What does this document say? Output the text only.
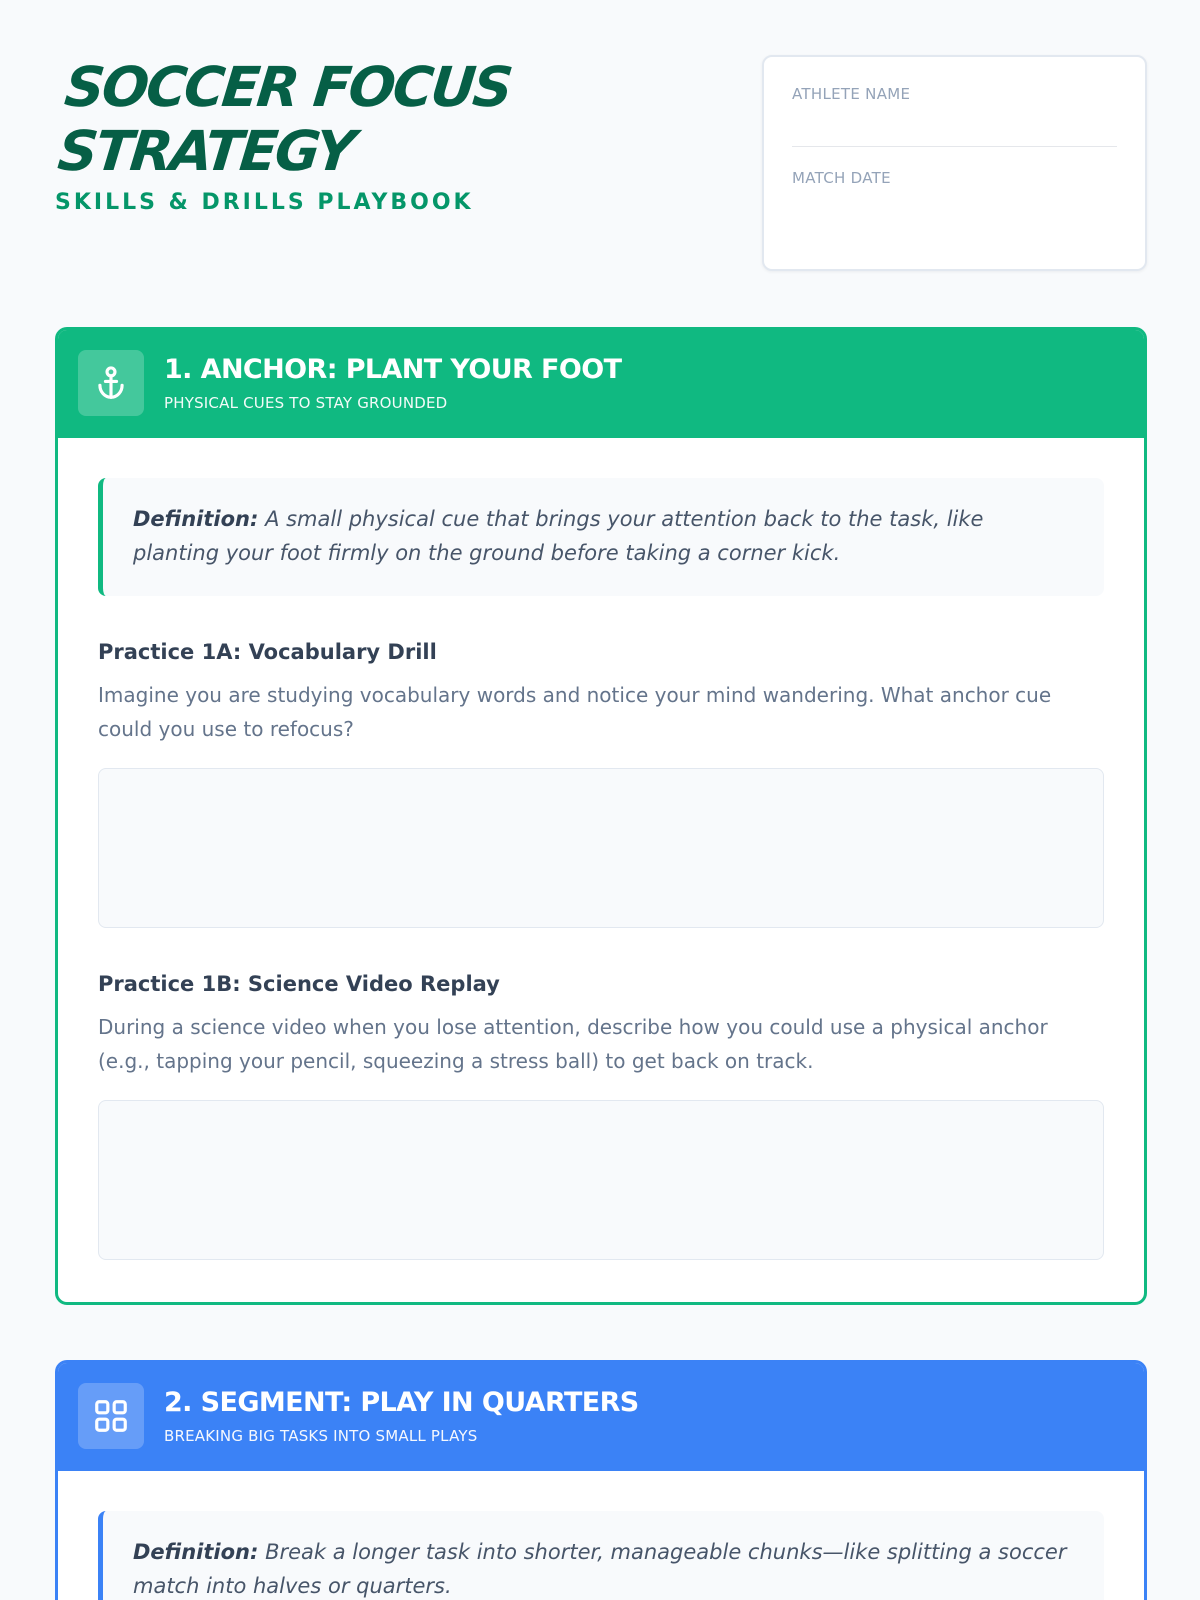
SOCCER FOCUS STRATEGY
SKILLS & DRILLS PLAYBOOK
ATHLETE NAME
MATCH DATE
1. ANCHOR: PLANT YOUR FOOT
PHYSICAL CUES TO STAY GROUNDED
Definition: A small physical cue that brings your attention back to the task, like planting your foot firmly on the ground before taking a corner kick.
Practice 1A: Vocabulary Drill
Imagine you are studying vocabulary words and notice your mind wandering. What anchor cue could you use to refocus?
Practice 1B: Science Video Replay
During a science video when you lose attention, describe how you could use a physical anchor (e.g., tapping your pencil, squeezing a stress ball) to get back on track.
2. SEGMENT: PLAY IN QUARTERS
BREAKING BIG TASKS INTO SMALL PLAYS
Definition: Break a longer task into shorter, manageable chunks—like splitting a soccer match into halves or quarters.
